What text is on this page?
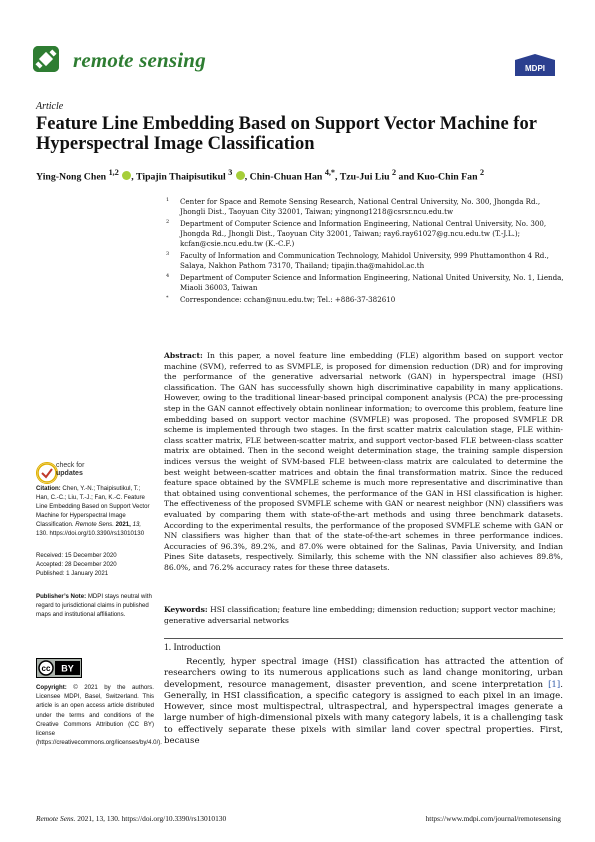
remote sensing	MDPI
Article
Feature Line Embedding Based on Support Vector Machine for Hyperspectral Image Classification
Ying-Nong Chen $^{1,2}$ , Tipajin Thaipisutikul $^3$ , Chin-Chuan Han $^{4,*}$, Tzu-Jui Liu $^2$ and Kuo-Chin Fan $^2$
1 Center for Space and Remote Sensing Research, National Central University, No. 300, Jhongda Rd., Jhongli Dist., Taoyuan City 32001, Taiwan; yingnong1218@csrsr.ncu.edu.tw
2 Department of Computer Science and Information Engineering, National Central University, No. 300, Jhongda Rd., Jhongli Dist., Taoyuan City 32001, Taiwan; ray6.ray61027@g.ncu.edu.tw (T.-J.L.); kcfan@csie.ncu.edu.tw (K.-C.F.)
3 Faculty of Information and Communication Technology, Mahidol University, 999 Phuttamonthon 4 Rd., Salaya, Nakhon Pathom 73170, Thailand; tipajin.tha@mahidol.ac.th
4 Department of Computer Science and Information Engineering, National United University, No. 1, Lienda, Miaoli 36003, Taiwan
* Correspondence: cchan@nuu.edu.tw; Tel.: +886-37-382610
Abstract: In this paper, a novel feature line embedding (FLE) algorithm based on support vector machine (SVM), referred to as SVMFLE, is proposed for dimension reduction (DR) and for improving the performance of the generative adversarial network (GAN) in hyperspectral image (HSI) classification. The GAN has successfully shown high discriminative capability in many applications. However, owing to the traditional linear-based principal component analysis (PCA) the pre-processing step in the GAN cannot effectively obtain nonlinear information; to overcome this problem, feature line embedding based on support vector machine (SVMFLE) was proposed. The proposed SVMFLE DR scheme is implemented through two stages. In the first scatter matrix calculation stage, FLE within-class scatter matrix, FLE between-scatter matrix, and support vector-based FLE between-class scatter matrix are obtained. Then in the second weight determination stage, the training sample dispersion indices versus the weight of SVM-based FLE between-class matrix are calculated to determine the best weight between-scatter matrices and obtain the final transformation matrix. Since the reduced feature space obtained by the SVMFLE scheme is much more representative and discriminative than that obtained using conventional schemes, the performance of the GAN in HSI classification is higher. The effectiveness of the proposed SVMFLE scheme with GAN or nearest neighbor (NN) classifiers was evaluated by comparing them with state-of-the-art methods and using three benchmark datasets. According to the experimental results, the performance of the proposed SVMFLE scheme with GAN or NN classifiers was higher than that of the state-of-the-art schemes in three performance indices. Accuracies of 96.3%, 89.2%, and 87.0% were obtained for the Salinas, Pavia University, and Indian Pines Site datasets, respectively. Similarly, this scheme with the NN classifier also achieves 89.8%, 86.0%, and 76.2% accuracy rates for these three datasets.
Keywords: HSI classification; feature line embedding; dimension reduction; support vector machine; generative adversarial networks
check for
updates

Citation: Chen, Y.-N.; Thaipisutikul, T.; Han, C.-C.; Liu, T.-J.; Fan, K.-C. Feature Line Embedding Based on Support Vector Machine for Hyperspectral Image Classification. Remote Sens. 2021, 13, 130. https://doi.org/10.3390/rs13010130

Received: 15 December 2020

Accepted: 28 December 2020

Published: 1 January 2021

Publisher’s Note: MDPI stays neutral with regard to jurisdictional claims in published maps and institutional affiliations.

cc BY
Copyright: © 2021 by the authors. Licensee MDPI, Basel, Switzerland. This article is an open access article distributed under the terms and conditions of the Creative Commons Attribution (CC BY) license (https://creativecommons.org/licenses/by/4.0/).
1. Introduction
Recently, hyper spectral image (HSI) classification has attracted the attention of researchers owing to its numerous applications such as land change monitoring, urban development, resource management, disaster prevention, and scene interpretation [1]. Generally, in HSI classification, a specific category is assigned to each pixel in an image. However, since most multispectral, ultraspectral, and hyperspectral images generate a large number of high-dimensional pixels with many category labels, it is a challenging task to effectively separate these pixels with similar land cover spectral properties. First, because
Remote Sens. 2021, 13, 130. https://doi.org/10.3390/rs13010130	https://www.mdpi.com/journal/remotesensing
